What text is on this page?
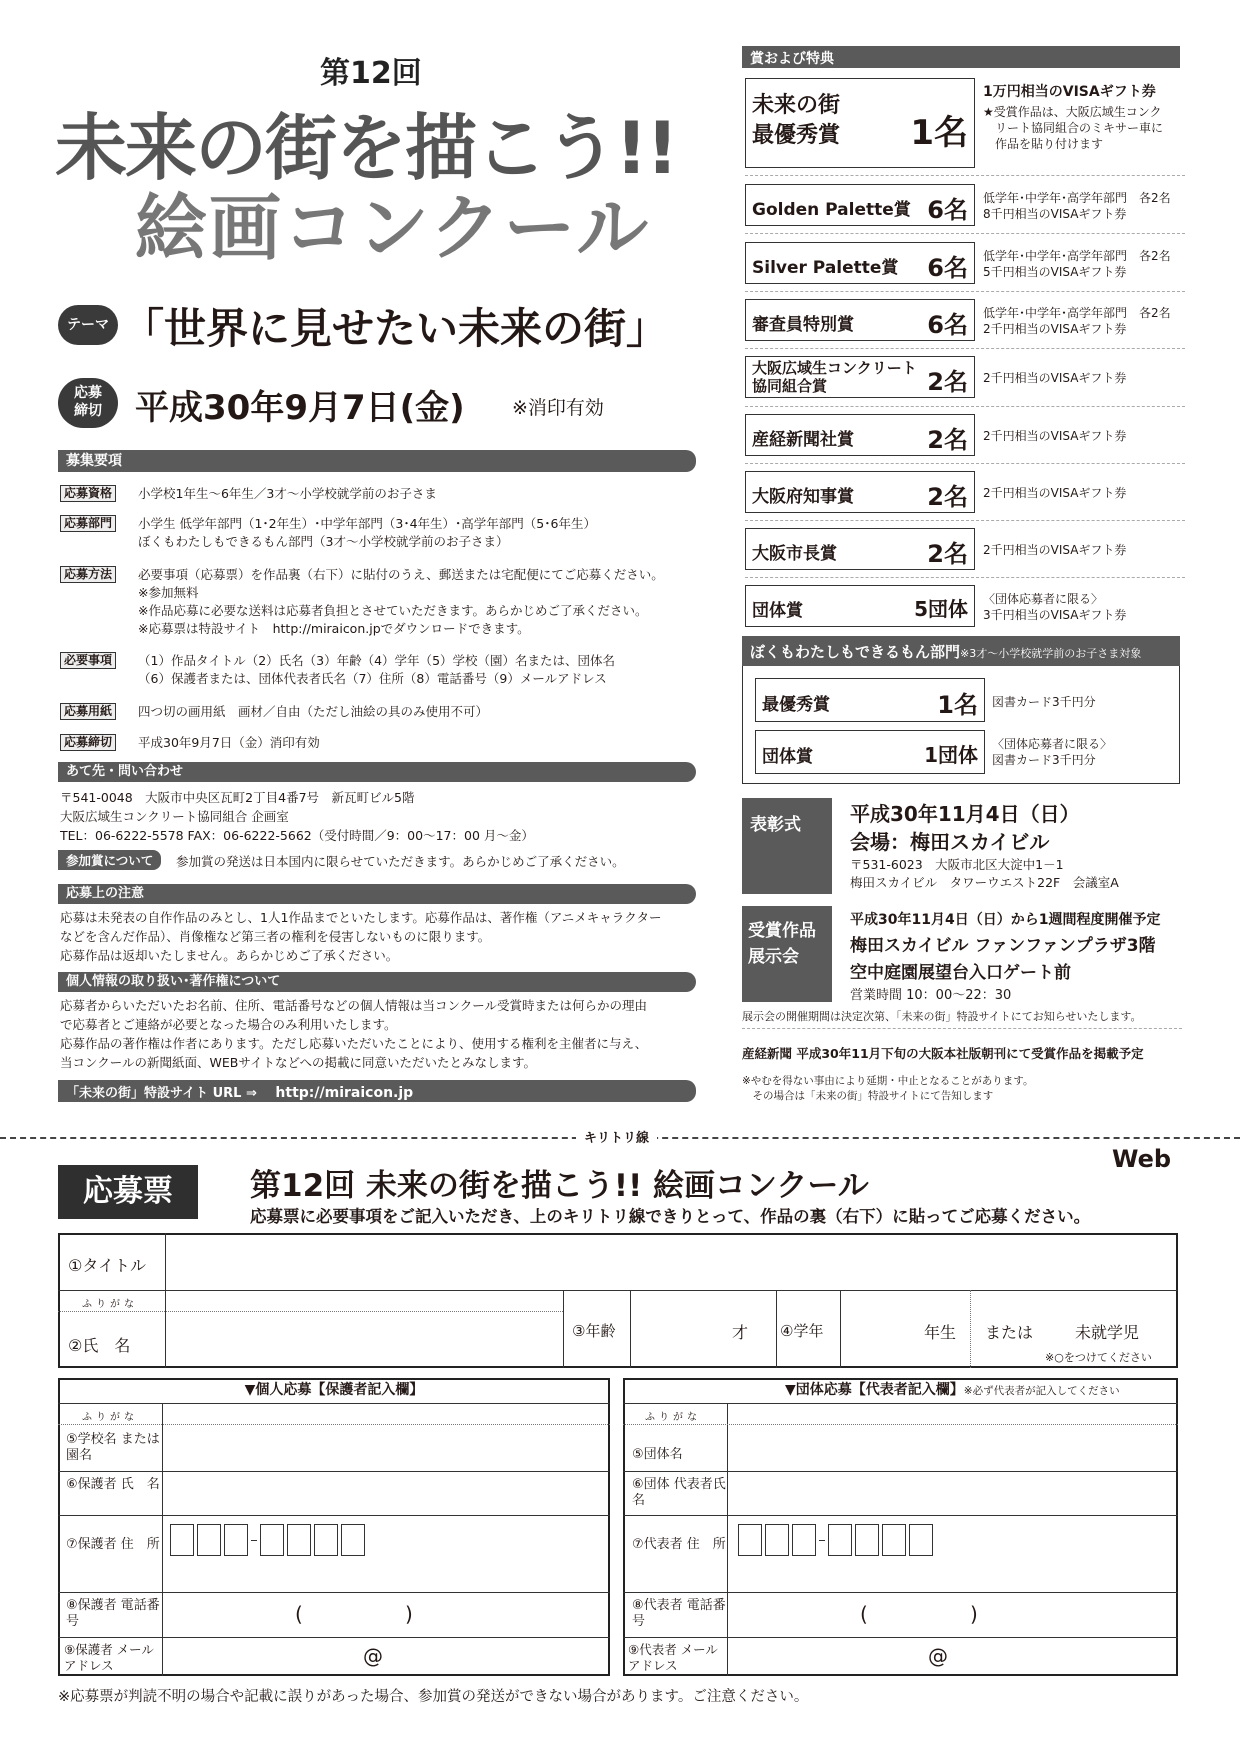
第12回
未来の街を描こう!!
絵画コンクール
テーマ 「世界に見せたい未来の街」
応募
締切 平成30年9月7日(金) ※消印有効
募集要項
応募資格	小学校1年生～6年生／3才～小学校就学前のお子さま
応募部門	小学生 低学年部門（1･2年生）･中学年部門（3･4年生）･高学年部門（5･6年生）
ぼくもわたしもできるもん部門（3才～小学校就学前のお子さま）
応募方法	必要事項（応募票）を作品裏（右下）に貼付のうえ、郵送または宅配便にてご応募ください。
※参加無料
※作品応募に必要な送料は応募者負担とさせていただきます。あらかじめご了承ください。
※応募票は特設サイト　http://miraicon.jpでダウンロードできます。
必要事項	（1）作品タイトル（2）氏名（3）年齢（4）学年（5）学校（園）名または、団体名
（6）保護者または、団体代表者氏名（7）住所（8）電話番号（9）メールアドレス
応募用紙	四つ切の画用紙　画材／自由（ただし油絵の具のみ使用不可）
応募締切	平成30年9月7日（金）消印有効
あて先・問い合わせ
〒541-0048　大阪市中央区瓦町2丁目4番7号　新瓦町ビル5階
大阪広域生コンクリート協同組合 企画室
TEL：06-6222-5578 FAX：06-6222-5662（受付時間／9：00～17：00 月～金）
参加賞について	参加賞の発送は日本国内に限らせていただきます。あらかじめご了承ください。
応募上の注意
応募は未発表の自作作品のみとし、1人1作品までといたします。応募作品は、著作権（アニメキャラクター
などを含んだ作品）、肖像権など第三者の権利を侵害しないものに限ります。
応募作品は返却いたしません。あらかじめご了承ください。
個人情報の取り扱い･著作権について
応募者からいただいたお名前、住所、電話番号などの個人情報は当コンクール受賞時または何らかの理由
で応募者とご連絡が必要となった場合のみ利用いたします。
応募作品の著作権は作者にあります。ただし応募いただいたことにより、使用する権利を主催者に与え、
当コンクールの新聞紙面、WEBサイトなどへの掲載に同意いただいたとみなします。
「未来の街」特設サイト URL ⇒ http://miraicon.jp
賞および特典
未来の街
最優秀賞 1名
1万円相当のVISAギフト券
★受賞作品は、大阪広域生コンク
　リート協同組合のミキサー車に
　作品を貼り付けます
Golden Palette賞 6名 低学年･中学年･高学年部門　各2名
8千円相当のVISAギフト券
Silver Palette賞 6名 低学年･中学年･高学年部門　各2名
5千円相当のVISAギフト券
審査員特別賞	6名 低学年･中学年･高学年部門　各2名
2千円相当のVISAギフト券
大阪広域生コンクリート協同組合賞	2名 2千円相当のVISAギフト券
産経新聞社賞	2名 2千円相当のVISAギフト券
大阪府知事賞	2名 2千円相当のVISAギフト券
大阪市長賞	2名 2千円相当のVISAギフト券
団体賞	5団体 〈団体応募者に限る〉
3千円相当のVISAギフト券
ぼくもわたしもできるもん部門※3才～小学校就学前のお子さま対象
最優秀賞	1名 図書カード3千円分
団体賞	1団体 〈団体応募者に限る〉
図書カード3千円分
表彰式	平成30年11月4日（日）
会場：梅田スカイビル
〒531-6023　大阪市北区大淀中1－1
梅田スカイビル　タワーウエスト22F　会議室A
受賞作品
展示会
平成30年11月4日（日）から1週間程度開催予定
梅田スカイビル ファンファンプラザ3階
空中庭園展望台入口ゲート前
営業時間 10：00～22：30
展示会の開催期間は決定次第、「未来の街」特設サイトにてお知らせいたします。
産経新聞 平成30年11月下旬の大阪本社版朝刊にて受賞作品を掲載予定
※やむを得ない事由により延期・中止となることがあります。
　その場合は「未来の街」特設サイトにて告知します
キリトリ線
応募票	第12回 未来の街を描こう!! 絵画コンクール
Web
応募票に必要事項をご記入いただき、上のキリトリ線できりとって、作品の裏（右下）に貼ってご応募ください。
①タイトル
ふりがな
②氏　名
③年齢	才 ④学年	年生 または	未就学児
※○をつけてください
▼個人応募【保護者記入欄】
ふりがな
⑤学校名 または園名
⑥保護者 氏　名
⑦保護者 住　所
⑧保護者 電話番号	(	)
⑨保護者 メールアドレス	@
▼団体応募【代表者記入欄】※必ず代表者が記入してください
ふりがな
⑤団体名
⑥団体 代表者氏名
⑦代表者 住　所
⑧代表者 電話番号	(	)
⑨代表者 メールアドレス	@
※応募票が判読不明の場合や記載に誤りがあった場合、参加賞の発送ができない場合があります。ご注意ください。
